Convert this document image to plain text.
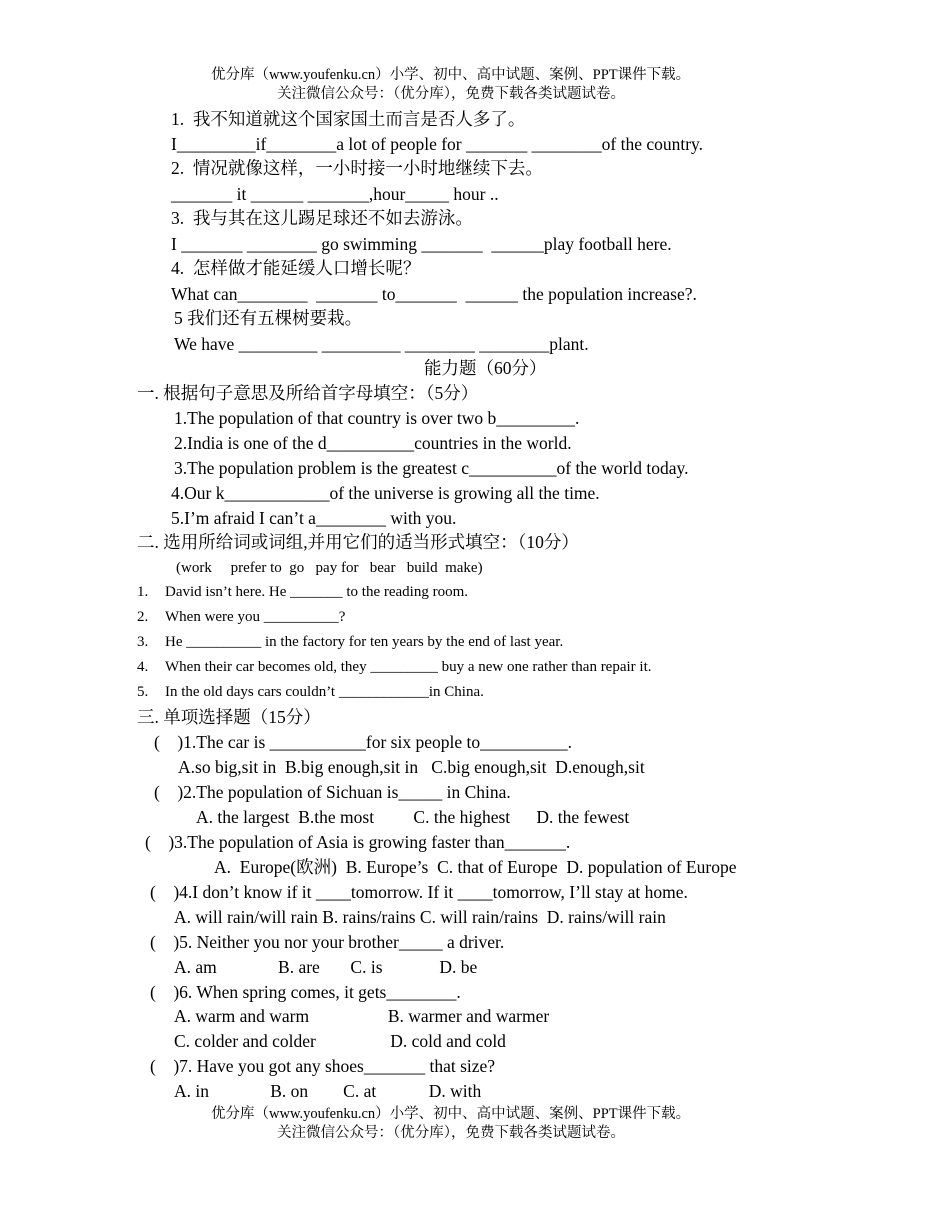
优分库（www.youfenku.cn）小学、初中、高中试题、案例、PPT课件下载。
关注微信公众号：（优分库），免费下载各类试题试卷。
1.  我不知道就这个国家国土而言是否人多了。
I_________if________a lot of people for _______ ________of the country.
2.  情况就像这样，一小时接一小时地继续下去。
_______ it ______ _______,hour_____ hour ..
3.  我与其在这儿踢足球还不如去游泳。
I _______ ________ go swimming _______  ______play football here.
4.  怎样做才能延缓人口增长呢？
What can________  _______ to_______  ______ the population increase?.
5 我们还有五棵树要栽。
We have _________ _________ ________ ________plant.
能力题（60分）
一. 根据句子意思及所给首字母填空：（5分）
1.The population of that country is over two b_________.
2.India is one of the d__________countries in the world.
3.The population problem is the greatest c__________of the world today.
4.Our k____________of the universe is growing all the time.
5.I’m afraid I can’t a________ with you.
二. 选用所给词或词组,并用它们的适当形式填空：（10分）
(work     prefer to  go   pay for   bear   build  make)
1. David isn’t here. He _______ to the reading room.
2. When were you __________?
3. He __________ in the factory for ten years by the end of last year.
4. When their car becomes old, they _________ buy a new one rather than repair it.
5. In the old days cars couldn’t ____________in China.
三. 单项选择题（15分）
(    )1.The car is ___________for six people to__________.
A.so big,sit in  B.big enough,sit in   C.big enough,sit  D.enough,sit
(    )2.The population of Sichuan is_____ in China.
A. the largest  B.the most         C. the highest      D. the fewest
(    )3.The population of Asia is growing faster than_______.
A.  Europe(欧洲)  B. Europe’s  C. that of Europe  D. population of Europe
(    )4.I don’t know if it ____tomorrow. If it ____tomorrow, I’ll stay at home.
A. will rain/will rain B. rains/rains C. will rain/rains  D. rains/will rain
(    )5. Neither you nor your brother_____ a driver.
A. am              B. are       C. is             D. be
(    )6. When spring comes, it gets________.
A. warm and warm                  B. warmer and warmer
C. colder and colder                 D. cold and cold
(    )7. Have you got any shoes_______ that size?
A. in              B. on        C. at            D. with
优分库（www.youfenku.cn）小学、初中、高中试题、案例、PPT课件下载。
关注微信公众号：（优分库），免费下载各类试题试卷。
